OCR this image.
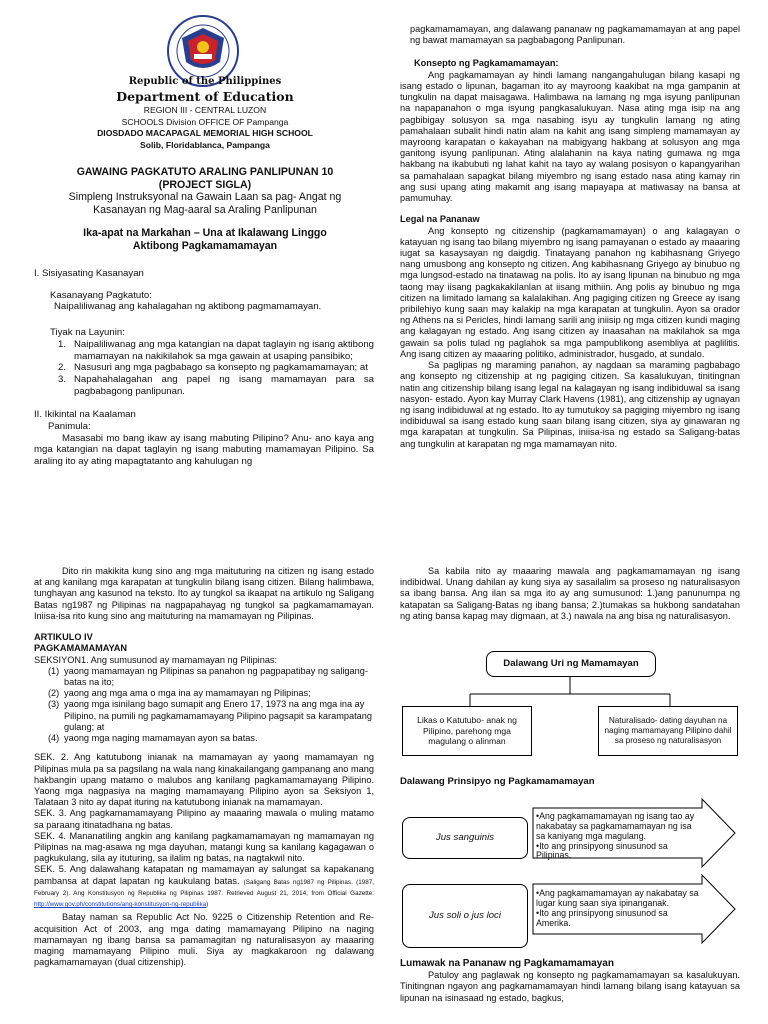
Republic of the Philippines
Department of Education
REGION III - CENTRAL LUZON
SCHOOLS Division OFFICE OF Pampanga
DIOSDADO MACAPAGAL MEMORIAL HIGH SCHOOL
Solib, Floridablanca, Pampanga
GAWAING PAGKATUTO ARALING PANLIPUNAN 10
(PROJECT SIGLA)
Simpleng Instruksyonal na Gawain Laan sa pag- Angat ng
Kasanayan ng Mag-aaral sa Araling Panlipunan
Ika-apat na Markahan – Una at Ikalawang Linggo
Aktibong Pagkamamamayan

I. Sisiyasating Kasanayan

Kasanayang Pagkatuto:

Naipaliliwanag ang kahalagahan ng aktibong pagmamamayan.

Tiyak na Layunin:

1. Naipaliliwanag ang mga katangian na dapat taglayin ng isang aktibong mamamayan na nakikilahok sa mga gawain at usaping pansibiko;
2. Nasusuri ang mga pagbabago sa konsepto ng pagkamamamayan; at
3. Napahahalagahan ang papel ng isang mamamayan para sa pagbabagong panlipunan.

II. Ikikintal na Kaalaman

Panimula:

Masasabi mo bang ikaw ay isang mabuting Pilipino? Anu- ano kaya ang mga katangian na dapat taglayin ng isang mabuting mamamayan Pilipino. Sa araling ito ay ating mapagtatanto ang kahulugan ng

pagkamamamayan, ang dalawang pananaw ng pagkamamamayan at ang papel ng bawat mamamayan sa pagbabagong Panlipunan.

Konsepto ng Pagkamamamayan:

Ang pagkamamayan ay hindi lamang nangangahulugan bilang kasapi ng isang estado o lipunan, bagaman ito ay mayroong kaakibat na mga gampanin at tungkulin na dapat maisagawa. Halimbawa na lamang ng mga isyung panlipunan na napapanahon o mga isyung pangkasalukuyan. Nasa ating mga isip na ang pagbibigay solusyon sa mga nasabing isyu ay tungkulin lamang ng ating pamahalaan subalit hindi natin alam na kahit ang isang simpleng mamamayan ay mayroong karapatan o kakayahan na mabigyang hakbang at solusyon ang mga ganitong isyung panlipunan. Ating alalahanin na kaya nating gumawa ng mga hakbang na ikabubuti ng lahat kahit na tayo ay walang posisyon o kapangyarihan sa pamahalaan sapagkat bilang miyembro ng isang estado nasa ating kamay rin ang susi upang ating makamit ang isang mapayapa at matiwasay na bansa at pamumuhay.

Legal na Pananaw

Ang konsepto ng citizenship (pagkamamamayan) o ang kalagayan o katayuan ng isang tao bilang miyembro ng isang pamayanan o estado ay maaaring iugat sa kasaysayan ng daigdig. Tinatayang panahon ng kabihasnang Griyego nang umusbong ang konsepto ng citizen. Ang kabihasnang Griyego ay binubuo ng mga lungsod-estado na tinatawag na polis. Ito ay isang lipunan na binubuo ng mga taong may iisang pagkakakilanlan at iisang mithiin. Ang polis ay binubuo ng mga citizen na limitado lamang sa kalalakihan. Ang pagiging citizen ng Greece ay isang pribilehiyo kung saan may kalakip na mga karapatan at tungkulin. Ayon sa orador ng Athens na si Pericles, hindi lamang sarili ang iniisip ng mga citizen kundi maging ang kalagayan ng estado. Ang isang citizen ay inaasahan na makilahok sa mga gawain sa polis tulad ng paglahok sa mga pampublikong asembliya at paglilitis. Ang isang citizen ay maaaring politiko, administrador, husgado, at sundalo.

Sa paglipas ng maraming panahon, ay nagdaan sa maraming pagbabago ang konsepto ng citizenship at ng pagiging citizen. Sa kasalukuyan, tinitingnan natin ang citizenship bilang isang legal na kalagayan ng isang indibiduwal sa isang nasyon- estado. Ayon kay Murray Clark Havens (1981), ang citizenship ay ugnayan ng isang indibiduwal at ng estado. Ito ay tumutukoy sa pagiging miyembro ng isang indibiduwal sa isang estado kung saan bilang isang citizen, siya ay ginawaran ng mga karapatan at tungkulin. Sa Pilipinas, iniisa-isa ng estado sa Saligang-batas ang tungkulin at karapatan ng mga mamamayan nito.

Dito rin makikita kung sino ang mga maituturing na citizen ng isang estado at ang kanilang mga karapatan at tungkulin bilang isang citizen. Bilang halimbawa, tunghayan ang kasunod na teksto. Ito ay tungkol sa ikaapat na artikulo ng Saligang Batas ng1987 ng Pilipinas na nagpapahayag ng tungkol sa pagkamamamayan. Iniisa-isa rito kung sino ang maituturing na mamamayan ng Pilipinas.

ARTIKULO IV

PAGKAMAMAMAYAN

SEKSIYON1. Ang sumusunod ay mamamayan ng Pilipinas:

(1) yaong mamamayan ng Pilipinas sa panahon ng pagpapatibay ng saligang-batas na ito;
(2) yaong ang mga ama o mga ina ay mamamayan ng Pilipinas;
(3) yaong mga isinilang bago sumapit ang Enero 17, 1973 na ang mga ina ay Pilipino, na pumili ng pagkamamamayang Pilipino pagsapit sa karampatang gulang; at
(4) yaong mga naging mamamayan ayon sa batas.

SEK. 2. Ang katutubong inianak na mamamayan ay yaong mamamayan ng Pilipinas mula pa sa pagsilang na wala nang kinakailangang gampanang ano mang hakbangin upang matamo o malubos ang kanilang pagkamamamayang Pilipino. Yaong mga nagpasiya na maging mamamayang Pilipino ayon sa Seksiyon 1, Talataan 3 nito ay dapat ituring na katutubong inianak na mamamayan.

SEK. 3. Ang pagkamamamayang Pilipino ay maaaring mawala o muling matamo sa paraang itinatadhana ng batas.

SEK. 4. Mananatiling angkin ang kanilang pagkamamamayan ng mamamayan ng Pilipinas na mag-asawa ng mga dayuhan, matangi kung sa kanilang kagagawan o pagkukulang, sila ay ituturing, sa ilalim ng batas, na nagtakwil nito.

SEK. 5. Ang dalawahang katapatan ng mamamayan ay salungat sa kapakanang pambansa at dapat lapatan ng kaukulang batas. (Saligang Batas ng1987 ng Pilipinas. (1987, February 2). Ang Konstitusyon ng Republika ng Pilipinas 1987. Retrieved August 21, 2014, from Official Gazette: http://www.gov.ph/constitutions/ang-konstitusyon-ng-republika)

Batay naman sa Republic Act No. 9225 o Citizenship Retention and Re-acquisition Act of 2003, ang mga dating mamamayang Pilipino na naging mamamayan ng ibang bansa sa pamamagitan ng naturalisasyon ay maaaring maging mamamayang Pilipino muli. Siya ay magkakaroon ng dalawang pagkamamamayan (dual citizenship).

Sa kabila nito ay maaaring mawala ang pagkamamamayan ng isang indibidwal. Unang dahilan ay kung siya ay sasailalim sa proseso ng naturalisasyon sa ibang bansa. Ang ilan sa mga ito ay ang sumusunod: 1.)ang panunumpa ng katapatan sa Saligang-Batas ng ibang bansa; 2.)tumakas sa hukbong sandatahan ng ating bansa kapag may digmaan, at 3.) nawala na ang bisa ng naturalisasyon.

Dalawang Uri ng Mamamayan
Likas o Katutubo- anak ng Pilipino, parehong mga magulang o alinman
Naturalisado- dating dayuhan na naging mamamayang Pilipino dahil sa proseso ng naturalisasyon

Dalawang Prinsipyo ng Pagkamamamayan

Jus sanguinis
•Ang pagkamamamayan ng isang tao ay nakabatay sa pagkamamamayan ng isa sa kaniyang mga magulang.
•Ito ang prinsipyong sinusunod sa Pilipinas.
Jus soli o jus loci
•Ang pagkamamamayan ay nakabatay sa lugar kung saan siya ipinanganak.
•Ito ang prinsipyong sinusunod sa Amerika.

Lumawak na Pananaw ng Pagkamamamayan

Patuloy ang paglawak ng konsepto ng pagkamamamayan sa kasalukuyan. Tinitingnan ngayon ang pagkamamamayan hindi lamang bilang isang katayuan sa lipunan na isinasaad ng estado, bagkus,
